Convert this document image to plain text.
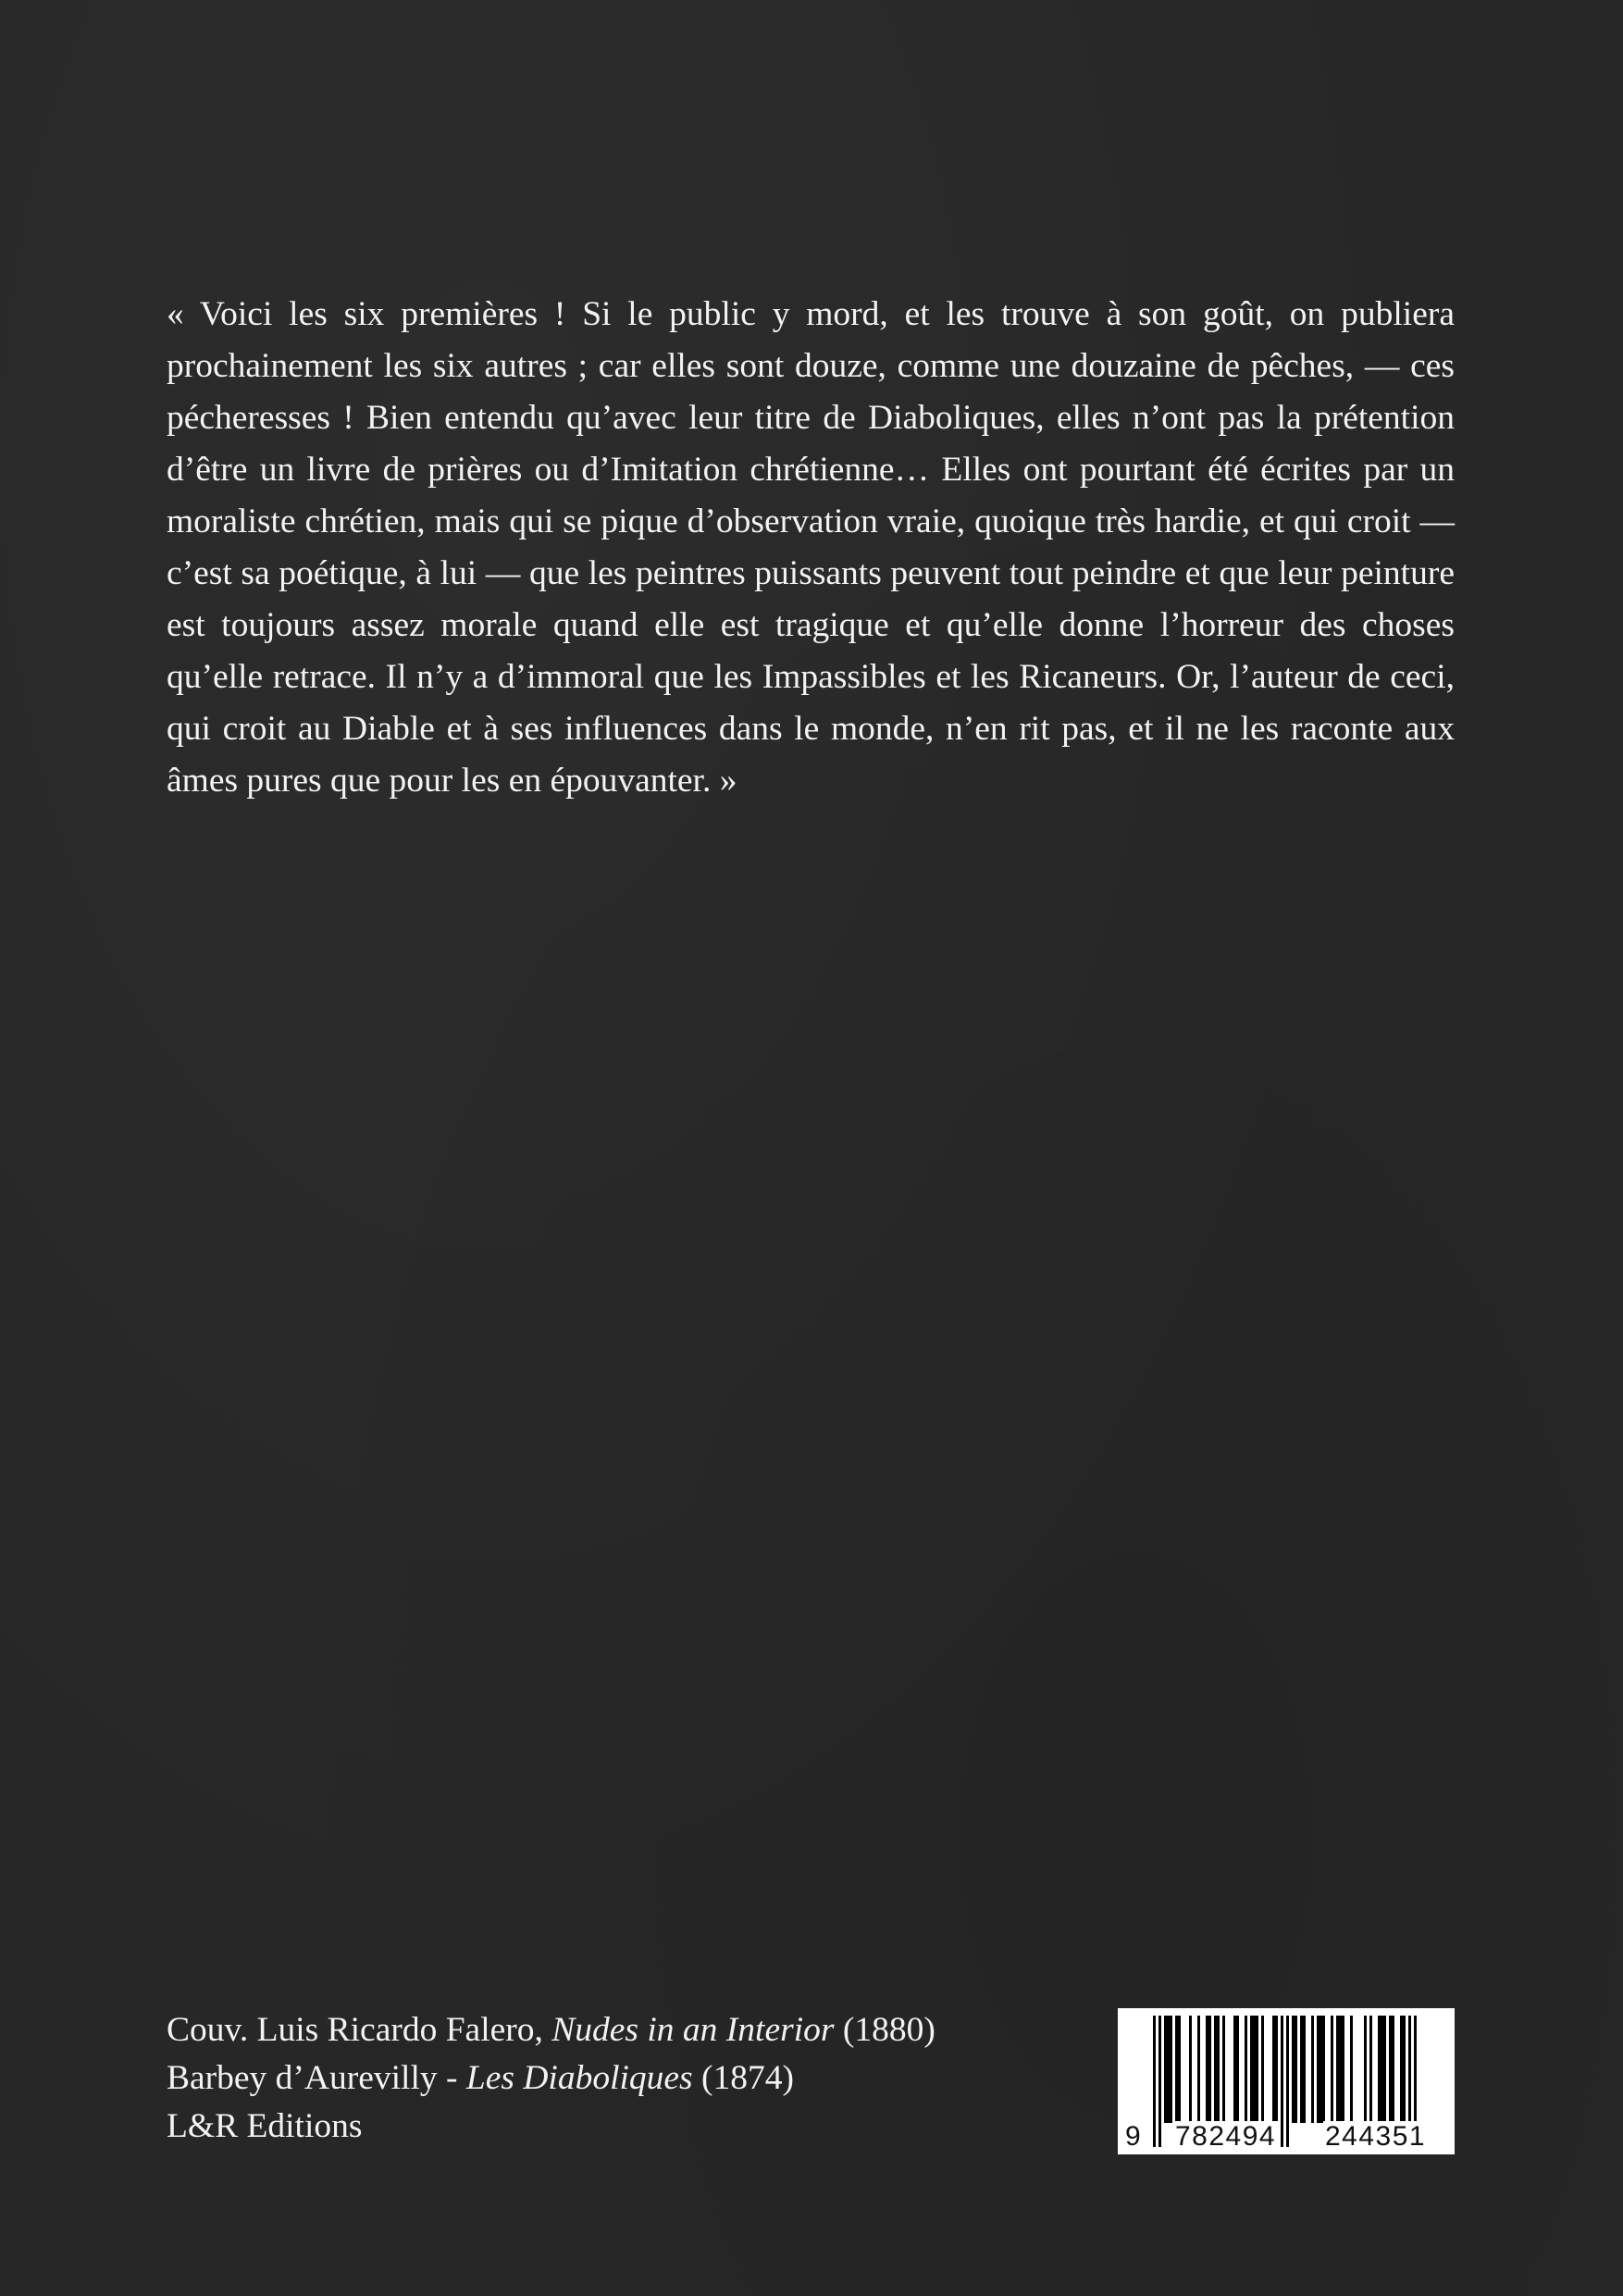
« Voici les six premières ! Si le public y mord, et les trouve à son goût, on publiera prochainement les six autres ; car elles sont douze, comme une douzaine de pêches, — ces pécheresses ! Bien entendu qu’avec leur titre de Diaboliques, elles n’ont pas la prétention d’être un livre de prières ou d’Imitation chrétienne… Elles ont pourtant été écrites par un moraliste chrétien, mais qui se pique d’observation vraie, quoique très hardie, et qui croit — c’est sa poétique, à lui — que les peintres puissants peuvent tout peindre et que leur peinture est toujours assez morale quand elle est tragique et qu’elle donne l’horreur des choses qu’elle retrace. Il n’y a d’immoral que les Impassibles et les Ricaneurs. Or, l’auteur de ceci, qui croit au Diable et à ses influences dans le monde, n’en rit pas, et il ne les raconte aux âmes pures que pour les en épouvanter. »

Couv. Luis Ricardo Falero, Nudes in an Interior (1880)
Barbey d’Aurevilly - Les Diaboliques (1874)
L&R Editions	9 782494 244351
